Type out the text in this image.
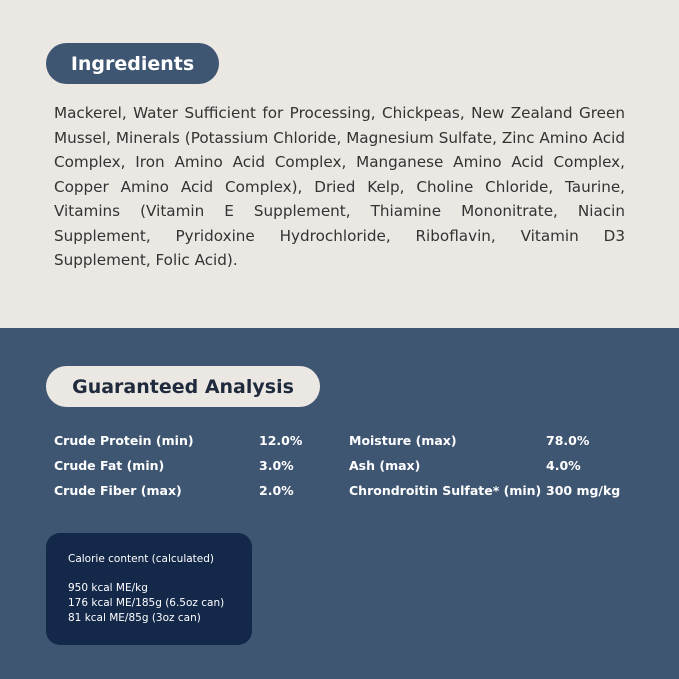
Ingredients

Mackerel, Water Sufficient for Processing, Chickpeas, New Zealand Green Mussel, Minerals (Potassium Chloride, Magnesium Sulfate, Zinc Amino Acid Complex, Iron Amino Acid Complex, Manganese Amino Acid Complex, Copper Amino Acid Complex), Dried Kelp, Choline Chloride, Taurine, Vitamins (Vitamin E Supplement, Thiamine Mononitrate, Niacin Supplement, Pyridoxine Hydrochloride, Riboflavin, Vitamin D3 Supplement, Folic Acid).

Guaranteed Analysis
Crude Protein (min)	12.0%	Moisture (max)	78.0%
Crude Fat (min)	3.0%	Ash (max)	4.0%
Crude Fiber (max)	2.0%	Chrondroitin Sulfate* (min) 300 mg/kg
Calorie content (calculated)
950 kcal ME/kg
176 kcal ME/185g (6.5oz can)
81 kcal ME/85g (3oz can)
